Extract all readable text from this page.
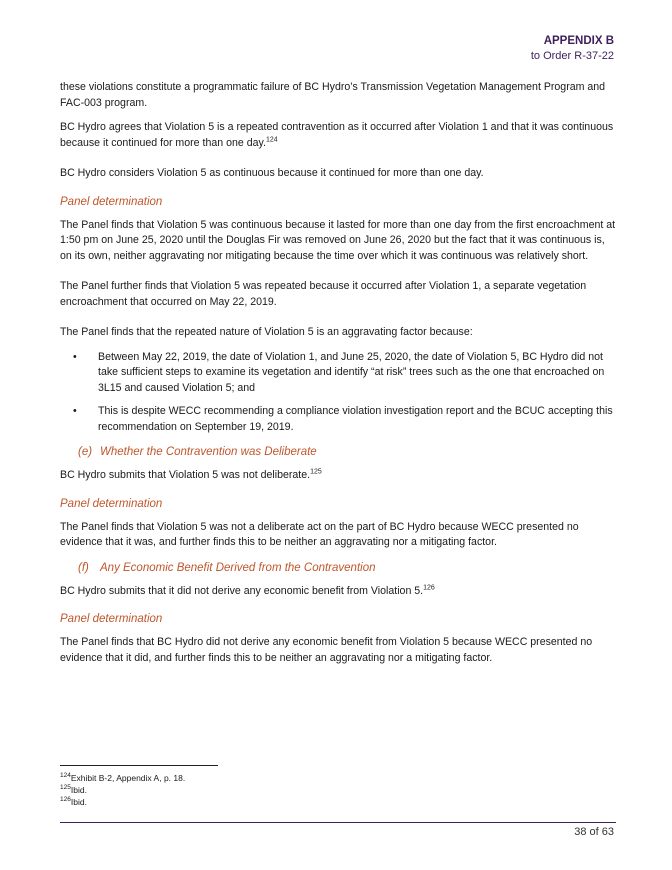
APPENDIX B
to Order R-37-22

these violations constitute a programmatic failure of BC Hydro’s Transmission Vegetation Management Program and FAC-003 program.

BC Hydro agrees that Violation 5 is a repeated contravention as it occurred after Violation 1 and that it was continuous because it continued for more than one day.$^{124}$

BC Hydro considers Violation 5 as continuous because it continued for more than one day.

Panel determination

The Panel finds that Violation 5 was continuous because it lasted for more than one day from the first encroachment at 1:50 pm on June 25, 2020 until the Douglas Fir was removed on June 26, 2020 but the fact that it was continuous is, on its own, neither aggravating nor mitigating because the time over which it was continuous was relatively short.

The Panel further finds that Violation 5 was repeated because it occurred after Violation 1, a separate vegetation encroachment that occurred on May 22, 2019.

The Panel finds that the repeated nature of Violation 5 is an aggravating factor because:

• Between May 22, 2019, the date of Violation 1, and June 25, 2020, the date of Violation 5, BC Hydro did not take sufficient steps to examine its vegetation and identify “at risk” trees such as the one that encroached on 3L15 and caused Violation 5; and
• This is despite WECC recommending a compliance violation investigation report and the BCUC accepting this recommendation on September 19, 2019.
(e) Whether the Contravention was Deliberate

BC Hydro submits that Violation 5 was not deliberate.$^{125}$

Panel determination

The Panel finds that Violation 5 was not a deliberate act on the part of BC Hydro because WECC presented no evidence that it was, and further finds this to be neither an aggravating nor a mitigating factor.

(f) Any Economic Benefit Derived from the Contravention

BC Hydro submits that it did not derive any economic benefit from Violation 5.$^{126}$

Panel determination

The Panel finds that BC Hydro did not derive any economic benefit from Violation 5 because WECC presented no evidence that it did, and further finds this to be neither an aggravating nor a mitigating factor.

$^{124}$Exhibit B-2, Appendix A, p. 18.
$^{125}$Ibid.
$^{126}$Ibid.
38 of 63
